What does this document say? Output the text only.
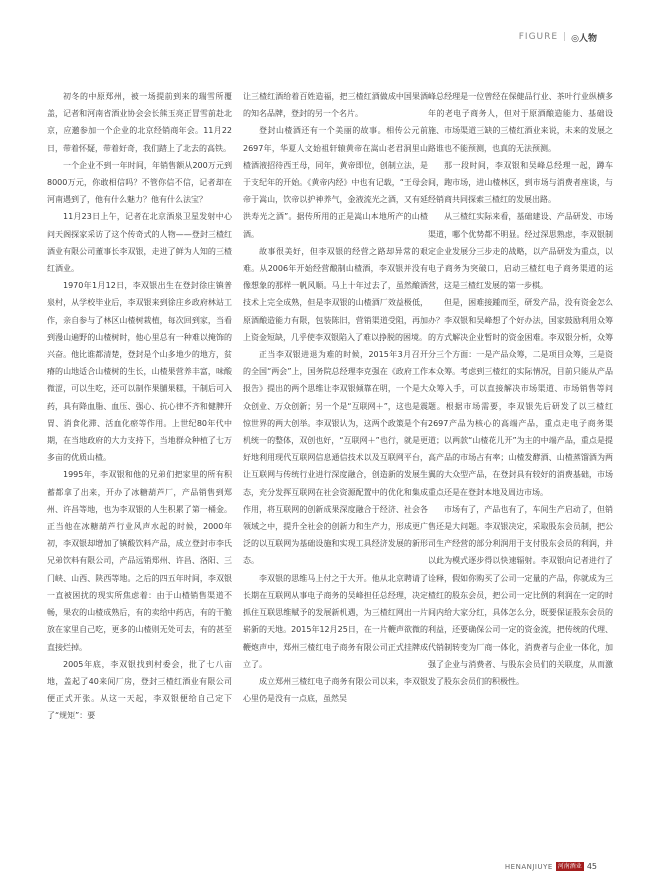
FIGURE | ◎人物

初冬的中原郑州，被一场提前到来的瑞雪所覆盖，记者和河南省酒业协会会长熊玉亮正冒雪前赴北京，应邀参加一个企业的北京经销商年会。11月22日，带着怀疑，带着好奇，我们踏上了北去的高铁。

一个企业不到一年时间，年销售额从200万元到8000万元，你敢相信吗？不管你信不信，记者却在河南遇到了，他有什么魅力？他有什么法宝？

11月23日上午，记者在北京酒泉卫星发射中心问天阁探家采访了这个传奇式的人物——登封三楂红酒业有限公司董事长李双银，走进了鲜为人知的三楂红酒业。

1970年1月12日，李双银出生在登封徐庄镇普泉村，从学校毕业后，李双银来到徐庄乡政府林站工作，亲自参与了林区山楂树栽植，每次回到家，当看到漫山遍野的山楂树时，他心里总有一种难以掩饰的兴奋。他比谁都清楚，登封是个山多地少的地方，贫瘠的山地适合山楂树的生长，山楂果营养丰富，味酸微涩，可以生吃，还可以制作果脯果糕，干制后可入药，具有降血脂、血压、强心、抗心律不齐和健脾开胃、消食化滞、活血化瘀等作用。上世纪80年代中期，在当地政府的大力支持下，当地群众种植了七万多亩的优质山楂。

1995年，李双银和他的兄弟们把家里的所有积蓄都拿了出来，开办了冰糖葫芦厂，产品销售到郑州、许昌等地，也为李双银的人生积累了第一桶金。正当他在冰糖葫芦行业风声水起的时候，2000年初，李双银却增加了镇酸饮料产品，成立登封市李氏兄弟饮料有限公司，产品远销郑州、许昌、洛阳、三门峡、山西、陕西等地。之后的四五年时间，李双银一直被困扰的现实所焦虑着：由于山楂销售渠道不畅，果农的山楂成熟后，有的卖给中药店，有的干脆放在家里自己吃，更多的山楂则无处可去，有的甚至直接烂掉。

2005年底，李双银找到村委会，批了七八亩地，盖起了40来间厂房，登封三楂红酒业有限公司便正式开张。从这一天起，李双银便给自己定下了“规矩”：要

让三楂红酒给着百姓造福，把三楂红酒做成中国果酒的知名品牌，登封的另一个名片。

登封山楂酒还有一个美丽的故事。相传公元前2697年，华夏人文始祖轩辕黄帝在嵩山老君洞里山楂酒液招待西王母，同年，黄帝即位，创制立法，是于支纪年的开始。《黄帝内经》中也有记载，“王母会帝于嵩山，饮帝以护神养气，金液流光之酒，又有延洪寿光之酒”。据传所用的正是嵩山本地所产的山楂酒。

故事很美好，但李双银的经营之路却异常的艰难。从2006年开始经营酿制山楂酒，李双银并没有像想象的那样一帆风顺。马上十年过去了，虽然酿酒技术上完全成熟，但是李双银的山楂酒厂效益极低，原酒酿造能力有限，包装陈旧，营销渠道受阻，再加上资金短缺，几乎使李双银陷入了难以挣脱的困境。

正当李双银进退为难的时候，2015年3月召开的全国“两会”上，国务院总经理李克强在《政府工作报告》提出的两个思维让李双银倾靠在明，一个是大众创业、万众创新；另一个是“互联网＋”，这也是震惊世界的两大创举。李双银认为，这两个政策是个有机统一的整体，双创也好，“互联网＋”也行，就是更好地利用现代互联网信息通信技术以及互联网平台，让互联网与传统行业进行深度融合，创造新的发展生态，充分发挥互联网在社会资源配置中的优化和集成作用，将互联网的创新成果深度融合于经济、社会各领域之中，提升全社会的创新力和生产力，形成更广泛的以互联网为基础设施和实现工具经济发展的新形态。

李双银的思维马上付之于大开。他从北京聘请了长期在互联网从事电子商务的吴峰担任总经理，决定抓住互联思维赋予的发展新机遇，为三楂红网出一片崭新的天地。2015年12月25日，在一片鞭声欲微的鞭炮声中，郑州三楂红电子商务有限公司正式挂牌成立了。

成立郑州三楂红电子商务有限公司以来，李双银心里仍是没有一点底，虽然吴

峰总经理是一位曾经在保健品行业、茶叶行业纵横多年的老电子商务人，但对于原酒酿造能力、基础设施、市场渠道三缺的三楂红酒业来说，未来的发展之路谁也不能预测，也真的无法预测。

那一段时间，李双银和吴峰总经理一起，蹲车间，跑市场，进山楂林区，到市场与消费者座谈，与经销商共同探索三楂红的发展出路。

从三楂红实际来看，基础建设、产品研发、市场渠道，哪个优势都不明显。经过深思熟虑，李双银制定企业发展分三步走的战略，以产品研发为重点，以电子商务为突破口，启动三楂红电子商务渠道的运营，这是三楂红发展的第一步棋。

但是，困难接踵而至，研发产品，没有资金怎么办？李双银和吴峰想了个好办法，国家鼓励利用众筹的方式解决企业暂时的资金困难。李双银分析，众筹分三个方面：一是产品众筹，二是项目众筹，三是资本众筹。考虑到三楂红的实际情况，目前只能从产品众筹入手，可以直接解决市场渠道、市场销售等问题。根据市场需要，李双银先后研发了以三楂红2697产品为核心的高端产品，重点走电子商务渠道；以两款“山楂花儿开”为主的中端产品，重点是提高产品的市场占有率；山楂发酵酒、山楂蒸馏酒为两翼的大众型产品，在登封具有较好的消费基础，市场重点还是在登封本地及周边市场。

市场有了，产品也有了，车间生产启动了，但销售还是大问题。李双银决定，采取股东会员制，把公司生产经营的部分利润用于支付股东会员的利润，并以此为模式逐步得以快速辐射。李双银向记者进行了诠释，假如你购买了公司一定量的产品，你就成为三楂红的股东会员，把公司一定比例的利润在一定的时间内给大家分红，具体怎么分，既要保证股东会员的利益，还要确保公司一定的资金流，把传统的代理、代销制转变为厂商一体化，消费者与企业一体化，加强了企业与消费者、与股东会员们的关联度，从而激发了股东会员们的积极性。

HENANJIUYE 河南酒业 45
